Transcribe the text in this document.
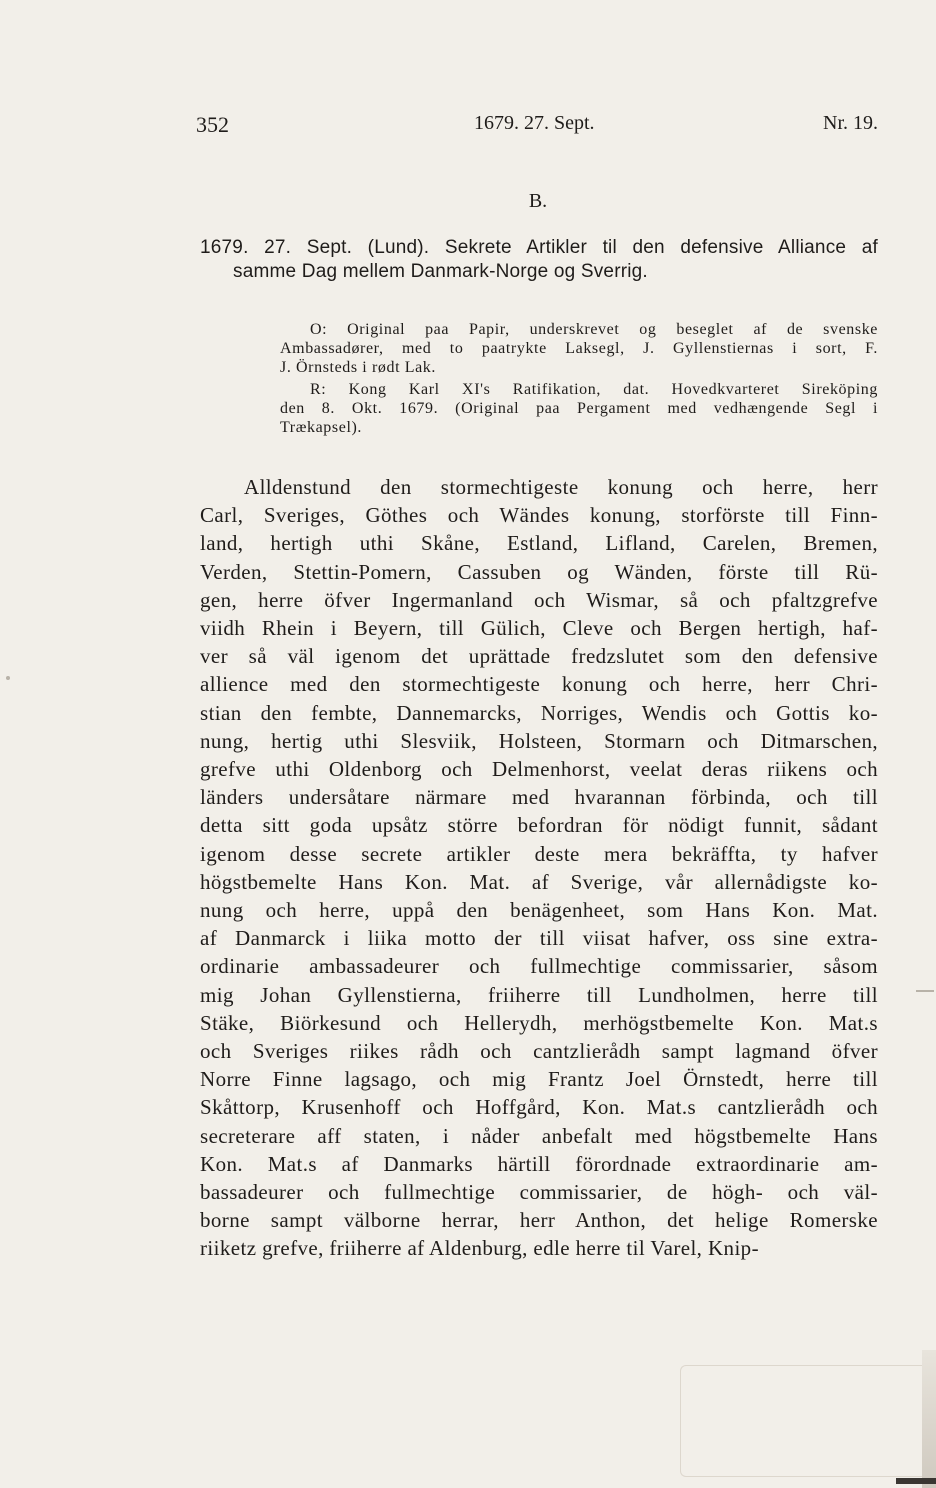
352	1679. 27. Sept.	Nr. 19.
B.
1679. 27. Sept. (Lund). Sekrete Artikler til den defensive Alliance af
samme Dag mellem Danmark-Norge og Sverrig.
O: Original paa Papir, underskrevet og beseglet af de svenske
Ambassadører, med to paatrykte Laksegl, J. Gyllenstiernas i sort, F.
J. Örnsteds i rødt Lak.
R: Kong Karl XI's Ratifikation, dat. Hovedkvarteret Sireköping
den 8. Okt. 1679. (Original paa Pergament med vedhængende Segl i
Trækapsel).
Alldenstund den stormechtigeste konung och herre, herr
Carl, Sveriges, Göthes och Wändes konung, storförste till Finn-
land, hertigh uthi Skåne, Estland, Lifland, Carelen, Bremen,
Verden, Stettin-Pomern, Cassuben og Wänden, förste till Rü-
gen, herre öfver Ingermanland och Wismar, så och pfaltzgrefve
viidh Rhein i Beyern, till Gülich, Cleve och Bergen hertigh, haf-
ver så väl igenom det uprättade fredzslutet som den defensive
allience med den stormechtigeste konung och herre, herr Chri-
stian den fembte, Dannemarcks, Norriges, Wendis och Gottis ko-
nung, hertig uthi Slesviik, Holsteen, Stormarn och Ditmarschen,
grefve uthi Oldenborg och Delmenhorst, veelat deras riikens och
länders undersåtare närmare med hvarannan förbinda, och till
detta sitt goda upsåtz större befordran för nödigt funnit, sådant
igenom desse secrete artikler deste mera bekräffta, ty hafver
högstbemelte Hans Kon. Mat. af Sverige, vår allernådigste ko-
nung och herre, uppå den benägenheet, som Hans Kon. Mat.
af Danmarck i liika motto der till viisat hafver, oss sine extra-
ordinarie ambassadeurer och fullmechtige commissarier, såsom
mig Johan Gyllenstierna, friiherre till Lundholmen, herre till
Stäke, Biörkesund och Hellerydh, merhögstbemelte Kon. Mat.s
och Sveriges riikes rådh och cantzlierådh sampt lagmand öfver
Norre Finne lagsago, och mig Frantz Joel Örnstedt, herre till
Skåttorp, Krusenhoff och Hoffgård, Kon. Mat.s cantzlierådh och
secreterare aff staten, i nåder anbefalt med högstbemelte Hans
Kon. Mat.s af Danmarks härtill förordnade extraordinarie am-
bassadeurer och fullmechtige commissarier, de högh- och väl-
borne sampt välborne herrar, herr Anthon, det helige Romerske
riiketz grefve, friiherre af Aldenburg, edle herre til Varel, Knip-
